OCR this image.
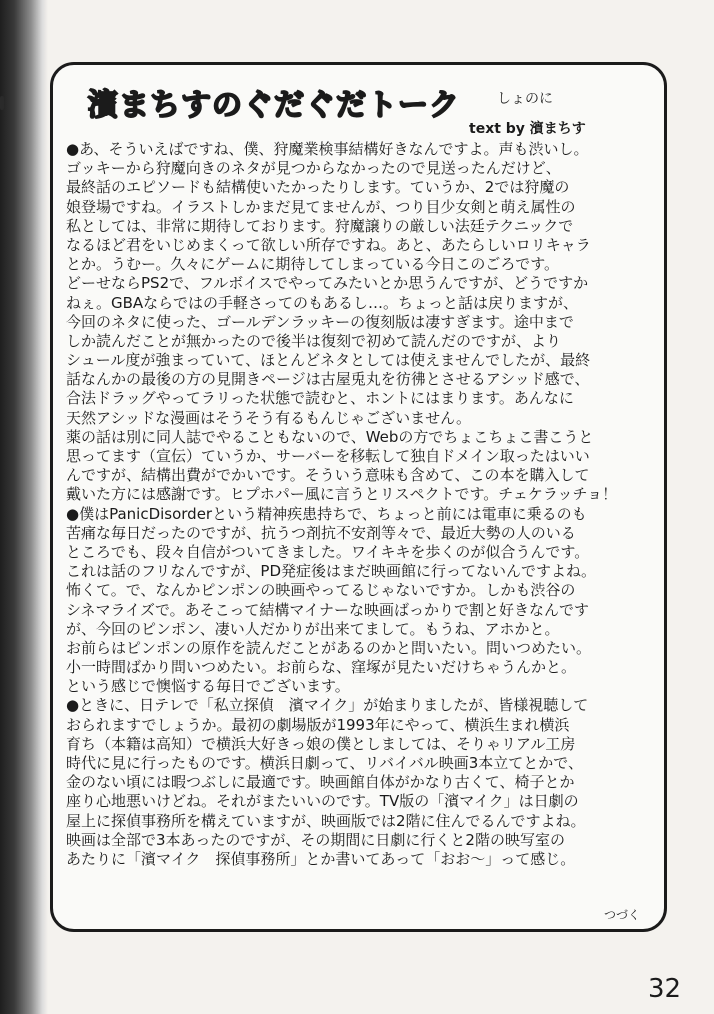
濱まちすのぐだぐだトーク	しょのに
text by 濱まちす
●あ、そういえばですね、僕、狩魔業検事結構好きなんですよ。声も渋いし。
ゴッキーから狩魔向きのネタが見つからなかったので見送ったんだけど、
最終話のエピソードも結構使いたかったりします。ていうか、2では狩魔の
娘登場ですね。イラストしかまだ見てませんが、つり目少女剣と萌え属性の
私としては、非常に期待しております。狩魔譲りの厳しい法廷テクニックで
なるほど君をいじめまくって欲しい所存ですね。あと、あたらしいロリキャラ
とか。うむー。久々にゲームに期待してしまっている今日このごろです。
どーせならPS2で、フルボイスでやってみたいとか思うんですが、どうですか
ねぇ。GBAならではの手軽さってのもあるし…。ちょっと話は戻りますが、
今回のネタに使った、ゴールデンラッキーの復刻版は凄すぎます。途中まで
しか読んだことが無かったので後半は復刻で初めて読んだのですが、より
シュール度が強まっていて、ほとんどネタとしては使えませんでしたが、最終
話なんかの最後の方の見開きページは古屋兎丸を彷彿とさせるアシッド感で、
合法ドラッグやってラリった状態で読むと、ホントにはまります。あんなに
天然アシッドな漫画はそうそう有るもんじゃございません。
薬の話は別に同人誌でやることもないので、Webの方でちょこちょこ書こうと
思ってます（宣伝）ていうか、サーバーを移転して独自ドメイン取ったはいい
んですが、結構出費がでかいです。そういう意味も含めて、この本を購入して
戴いた方には感謝です。ヒプホパー風に言うとリスペクトです。チェケラッチョ！
●僕はPanicDisorderという精神疾患持ちで、ちょっと前には電車に乗るのも
苦痛な毎日だったのですが、抗うつ剤抗不安剤等々で、最近大勢の人のいる
ところでも、段々自信がついてきました。ワイキキを歩くのが似合うんです。
これは話のフリなんですが、PD発症後はまだ映画館に行ってないんですよね。
怖くて。で、なんかピンポンの映画やってるじゃないですか。しかも渋谷の
シネマライズで。あそこって結構マイナーな映画ばっかりで割と好きなんです
が、今回のピンポン、凄い人だかりが出来てまして。もうね、アホかと。
お前らはピンポンの原作を読んだことがあるのかと問いたい。問いつめたい。
小一時間ばかり問いつめたい。お前らな、窪塚が見たいだけちゃうんかと。
という感じで懊悩する毎日でございます。
●ときに、日テレで「私立探偵　濱マイク」が始まりましたが、皆様視聴して
おられますでしょうか。最初の劇場版が1993年にやって、横浜生まれ横浜
育ち（本籍は高知）で横浜大好きっ娘の僕としましては、そりゃリアル工房
時代に見に行ったものです。横浜日劇って、リバイバル映画3本立てとかで、
金のない頃には暇つぶしに最適です。映画館自体がかなり古くて、椅子とか
座り心地悪いけどね。それがまたいいのです。TV版の「濱マイク」は日劇の
屋上に探偵事務所を構えていますが、映画版では2階に住んでるんですよね。
映画は全部で3本あったのですが、その期間に日劇に行くと2階の映写室の
あたりに「濱マイク　探偵事務所」とか書いてあって「おお～」って感じ。
つづく
32
